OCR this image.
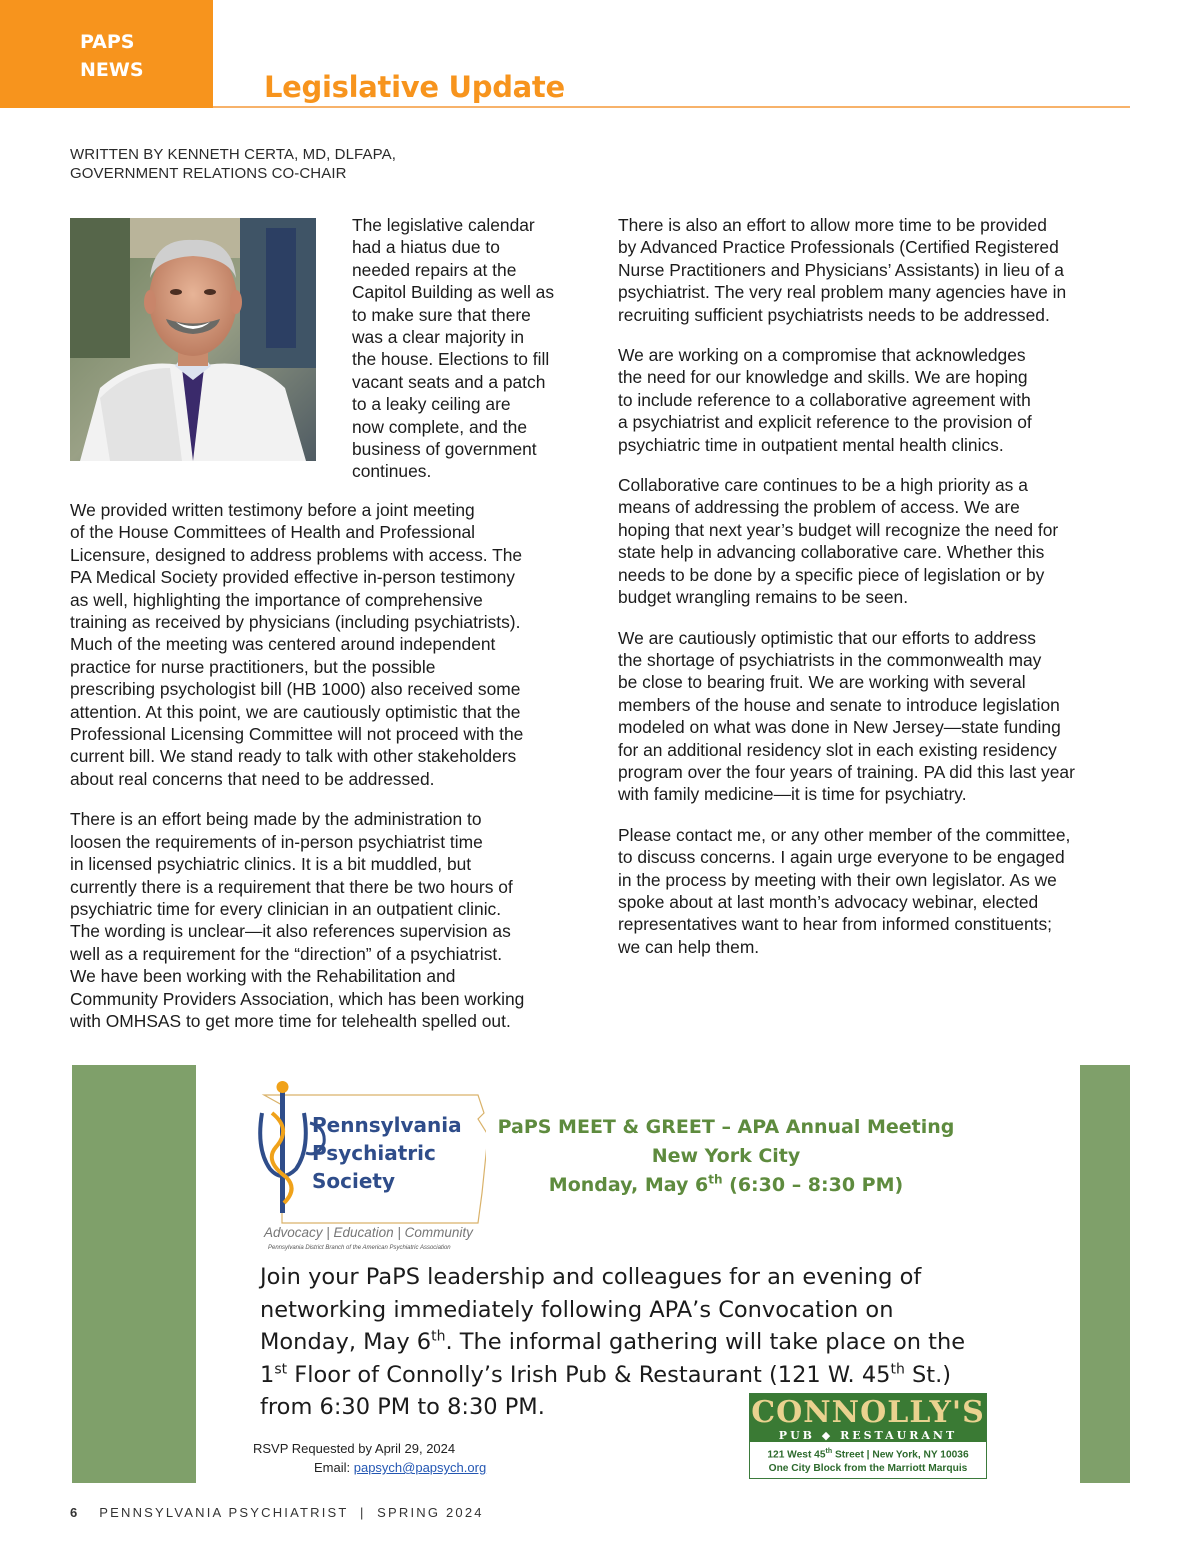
PAPS
NEWS	Legislative Update
WRITTEN BY KENNETH CERTA, MD, DLFAPA,
GOVERNMENT RELATIONS CO-CHAIR

The legislative calendar
had a hiatus due to
needed repairs at the
Capitol Building as well as
to make sure that there
was a clear majority in
the house. Elections to fill
vacant seats and a patch
to a leaky ceiling are
now complete, and the
business of government
continues.

We provided written testimony before a joint meeting
of the House Committees of Health and Professional
Licensure, designed to address problems with access. The
PA Medical Society provided effective in-person testimony
as well, highlighting the importance of comprehensive
training as received by physicians (including psychiatrists).
Much of the meeting was centered around independent
practice for nurse practitioners, but the possible
prescribing psychologist bill (HB 1000) also received some
attention. At this point, we are cautiously optimistic that the
Professional Licensing Committee will not proceed with the
current bill. We stand ready to talk with other stakeholders
about real concerns that need to be addressed.

There is an effort being made by the administration to
loosen the requirements of in-person psychiatrist time
in licensed psychiatric clinics. It is a bit muddled, but
currently there is a requirement that there be two hours of
psychiatric time for every clinician in an outpatient clinic.
The wording is unclear—it also references supervision as
well as a requirement for the “direction” of a psychiatrist.
We have been working with the Rehabilitation and
Community Providers Association, which has been working
with OMHSAS to get more time for telehealth spelled out.

There is also an effort to allow more time to be provided
by Advanced Practice Professionals (Certified Registered
Nurse Practitioners and Physicians’ Assistants) in lieu of a
psychiatrist. The very real problem many agencies have in
recruiting sufficient psychiatrists needs to be addressed.

We are working on a compromise that acknowledges
the need for our knowledge and skills. We are hoping
to include reference to a collaborative agreement with
a psychiatrist and explicit reference to the provision of
psychiatric time in outpatient mental health clinics.

Collaborative care continues to be a high priority as a
means of addressing the problem of access. We are
hoping that next year’s budget will recognize the need for
state help in advancing collaborative care. Whether this
needs to be done by a specific piece of legislation or by
budget wrangling remains to be seen.

We are cautiously optimistic that our efforts to address
the shortage of psychiatrists in the commonwealth may
be close to bearing fruit. We are working with several
members of the house and senate to introduce legislation
modeled on what was done in New Jersey—state funding
for an additional residency slot in each existing residency
program over the four years of training. PA did this last year
with family medicine—it is time for psychiatry.

Please contact me, or any other member of the committee,
to discuss concerns. I again urge everyone to be engaged
in the process by meeting with their own legislator. As we
spoke about at last month’s advocacy webinar, elected
representatives want to hear from informed constituents;
we can help them.

Pennsylvania
Psychiatric
Society
Advocacy | Education | Community
Pennsylvania District Branch of the American Psychiatric Association
PaPS MEET & GREET – APA Annual Meeting
New York City
Monday, May 6th (6:30 – 8:30 PM)
Join your PaPS leadership and colleagues for an evening of
networking immediately following APA’s Convocation on
Monday, May 6th. The informal gathering will take place on the
1st Floor of Connolly’s Irish Pub & Restaurant (121 W. 45th St.)
from 6:30 PM to 8:30 PM.
RSVP Requested by April 29, 2024
Email: papsych@papsych.org
CONNOLLY'S
PUB ◆ RESTAURANT
121 West 45th Street | New York, NY 10036
One City Block from the Marriott Marquis
6 PENNSYLVANIA PSYCHIATRIST  |  SPRING 2024
